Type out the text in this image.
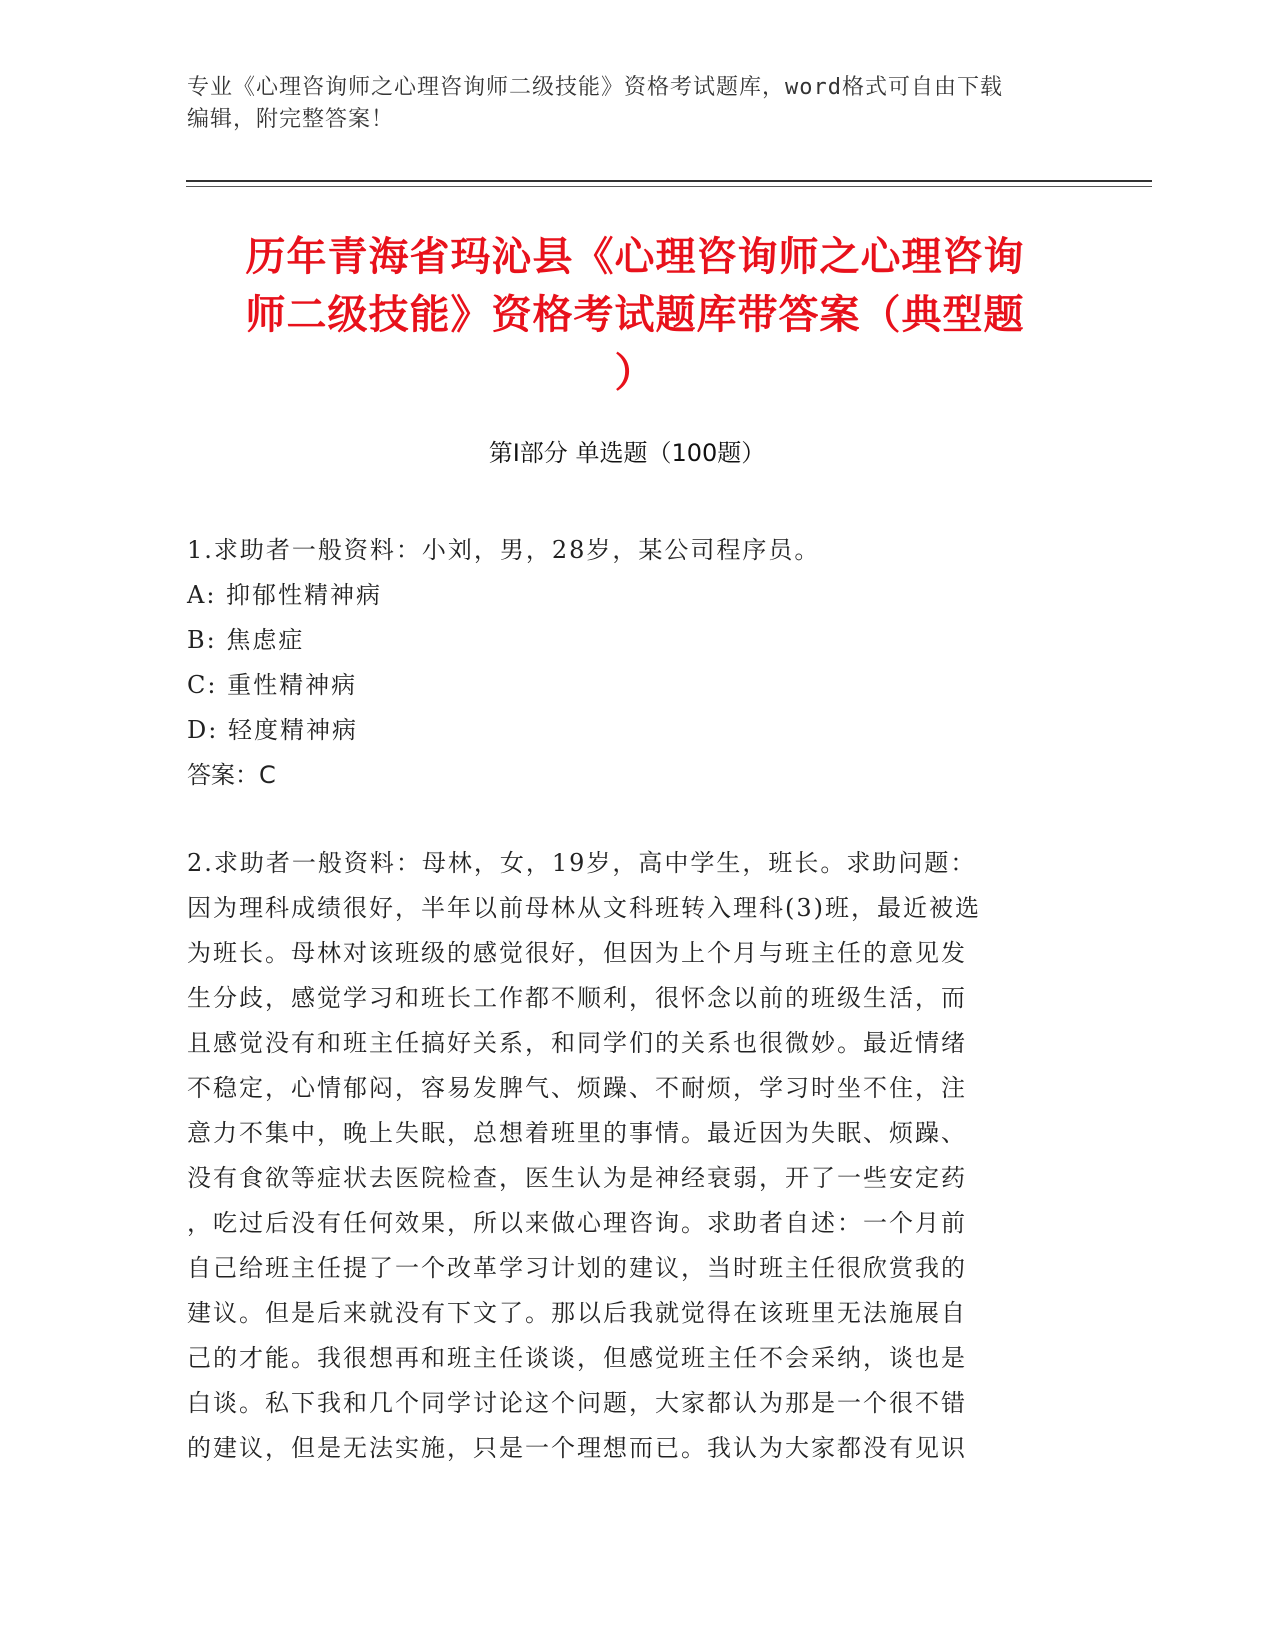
专业《心理咨询师之心理咨询师二级技能》资格考试题库，word格式可自由下载
编辑，附完整答案！
历年青海省玛沁县《心理咨询师之心理咨询
师二级技能》资格考试题库带答案（典型题
）
第Ⅰ部分 单选题（100题）
1.求助者一般资料：小刘，男，28岁，某公司程序员。
A: 抑郁性精神病
B: 焦虑症
C: 重性精神病
D: 轻度精神病
答案：C
2.求助者一般资料：母林，女，19岁，高中学生，班长。求助问题：
因为理科成绩很好，半年以前母林从文科班转入理科(3)班，最近被选
为班长。母林对该班级的感觉很好，但因为上个月与班主任的意见发
生分歧，感觉学习和班长工作都不顺利，很怀念以前的班级生活，而
且感觉没有和班主任搞好关系，和同学们的关系也很微妙。最近情绪
不稳定，心情郁闷，容易发脾气、烦躁、不耐烦，学习时坐不住，注
意力不集中，晚上失眠，总想着班里的事情。最近因为失眠、烦躁、
没有食欲等症状去医院检查，医生认为是神经衰弱，开了一些安定药
，吃过后没有任何效果，所以来做心理咨询。求助者自述：一个月前
自己给班主任提了一个改革学习计划的建议，当时班主任很欣赏我的
建议。但是后来就没有下文了。那以后我就觉得在该班里无法施展自
己的才能。我很想再和班主任谈谈，但感觉班主任不会采纳，谈也是
白谈。私下我和几个同学讨论这个问题，大家都认为那是一个很不错
的建议，但是无法实施，只是一个理想而已。我认为大家都没有见识
